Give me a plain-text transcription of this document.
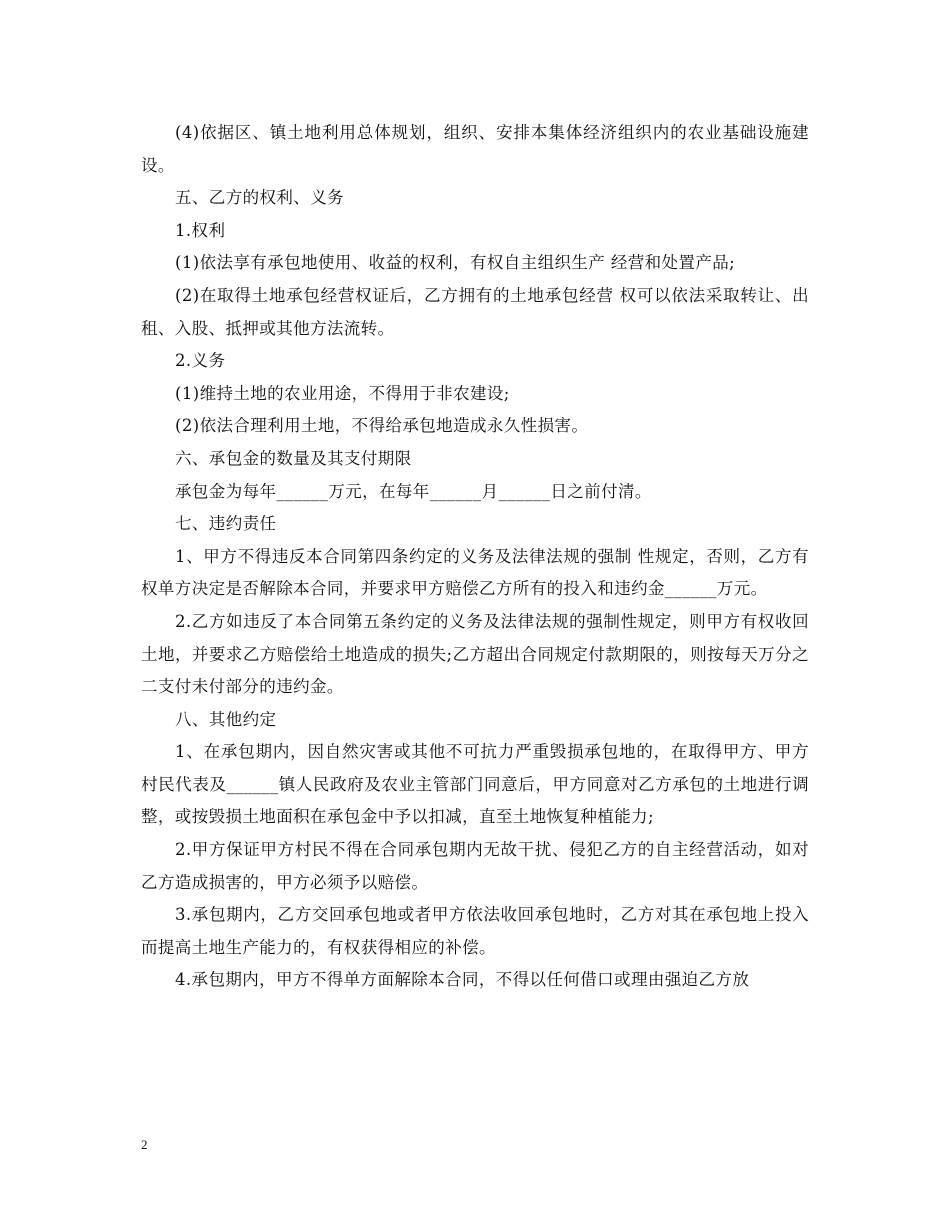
(4)依据区、镇土地利用总体规划，组织、安排本集体经济组织内的农业基础设施建设。

五、乙方的权利、义务

1.权利

(1)依法享有承包地使用、收益的权利，有权自主组织生产 经营和处置产品;

(2)在取得土地承包经营权证后，乙方拥有的土地承包经营 权可以依法采取转让、出租、入股、抵押或其他方法流转。

2.义务

(1)维持土地的农业用途，不得用于非农建设;

(2)依法合理利用土地，不得给承包地造成永久性损害。

六、承包金的数量及其支付期限

承包金为每年______万元，在每年______月______日之前付清。

七、违约责任

1、甲方不得违反本合同第四条约定的义务及法律法规的强制 性规定，否则，乙方有权单方决定是否解除本合同，并要求甲方赔偿乙方所有的投入和违约金______万元。

2.乙方如违反了本合同第五条约定的义务及法律法规的强制性规定，则甲方有权收回土地，并要求乙方赔偿给土地造成的损失;乙方超出合同规定付款期限的，则按每天万分之二支付未付部分的违约金。

八、其他约定

1、在承包期内，因自然灾害或其他不可抗力严重毁损承包地的，在取得甲方、甲方村民代表及______镇人民政府及农业主管部门同意后，甲方同意对乙方承包的土地进行调整，或按毁损土地面积在承包金中予以扣减，直至土地恢复种植能力;

2.甲方保证甲方村民不得在合同承包期内无故干扰、侵犯乙方的自主经营活动，如对乙方造成损害的，甲方必须予以赔偿。

3.承包期内，乙方交回承包地或者甲方依法收回承包地时，乙方对其在承包地上投入而提高土地生产能力的，有权获得相应的补偿。

4.承包期内，甲方不得单方面解除本合同，不得以任何借口或理由强迫乙方放

2
